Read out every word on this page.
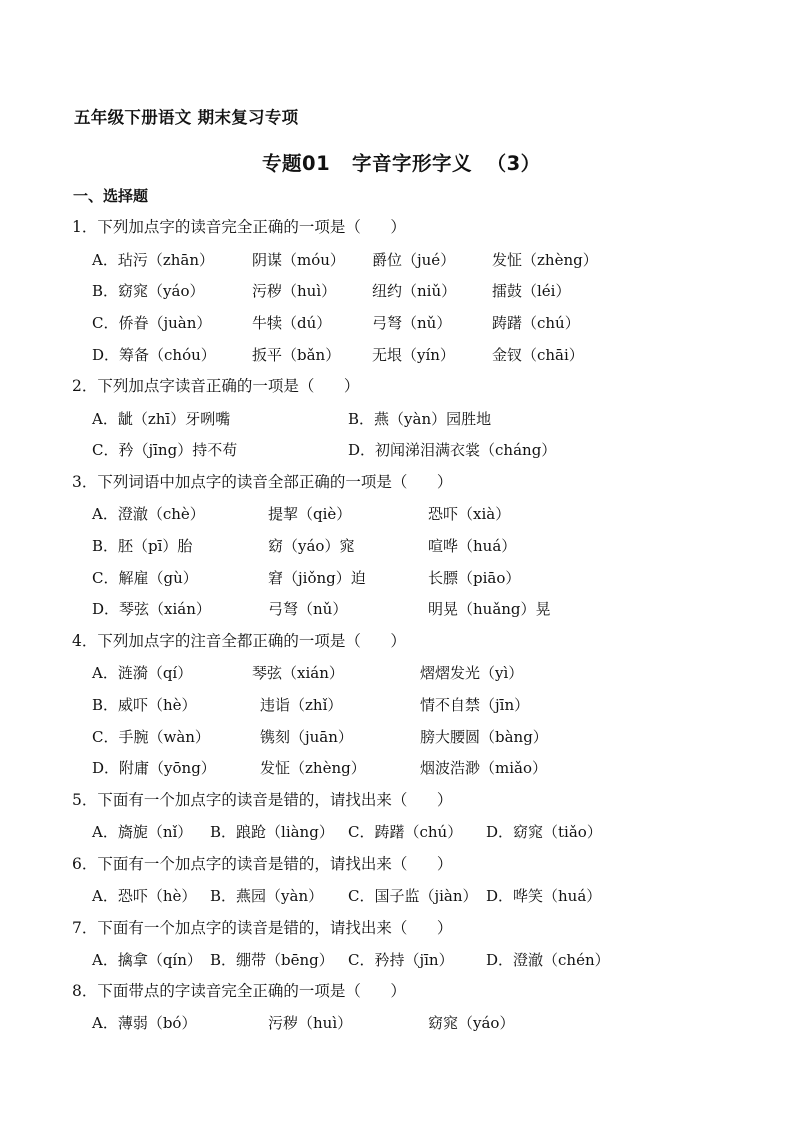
五年级下册语文 期末复习专项
专题01   字音字形字义  （3）
一、选择题
1．下列加点字的读音完全正确的一项是（      ）
A．玷污（zhān）	阴谋（móu） 爵位（jué） 发怔（zhèng）
B．窈窕（yáo）	污秽（huì） 纽约（niǔ） 擂鼓（léi）
C．侨眷（juàn）	牛犊（dú）	弓弩（nǔ）	踌躇（chú）
D．筹备（chóu） 扳平（bǎn） 无垠（yín） 金钗（chāi）
2．下列加点字读音正确的一项是（      ）
A．龇（zhī）牙咧嘴	B．燕（yàn）园胜地
C．矜（jīng）持不苟	D．初闻涕泪满衣裳（cháng）
3．下列词语中加点字的读音全部正确的一项是（      ）
A．澄澈（chè）	提挈（qiè）	恐吓（xià）
B．胚（pī）胎	窈（yáo）窕	喧哗（huá）
C．解雇（gù）	窘（jiǒng）迫	长膘（piāo）
D．琴弦（xián）	弓弩（nǔ）	明晃（huǎng）晃
4．下列加点字的注音全都正确的一项是（      ）
A．涟漪（qí）	琴弦（xián）	熠熠发光（yì）
B．威吓（hè）	违诣（zhǐ）	情不自禁（jīn）
C．手腕（wàn）	镌刻（juān）	膀大腰圆（bàng）
D．附庸（yōng）	发怔（zhèng）	烟波浩渺（miǎo）
5．下面有一个加点字的读音是错的，请找出来（      ）
A．旖旎（nǐ） B．踉跄（liàng） C．踌躇（chú） D．窈窕（tiǎo）
6．下面有一个加点字的读音是错的，请找出来（      ）
A．恐吓（hè） B．燕园（yàn） C．国子监（jiàn） D．哗笑（huá）
7．下面有一个加点字的读音是错的，请找出来（      ）
A．擒拿（qín） B．绷带（bēng） C．矜持（jīn） D．澄澈（chén）
8．下面带点的字读音完全正确的一项是（      ）
A．薄弱（bó）	污秽（huì）	窈窕（yáo）
